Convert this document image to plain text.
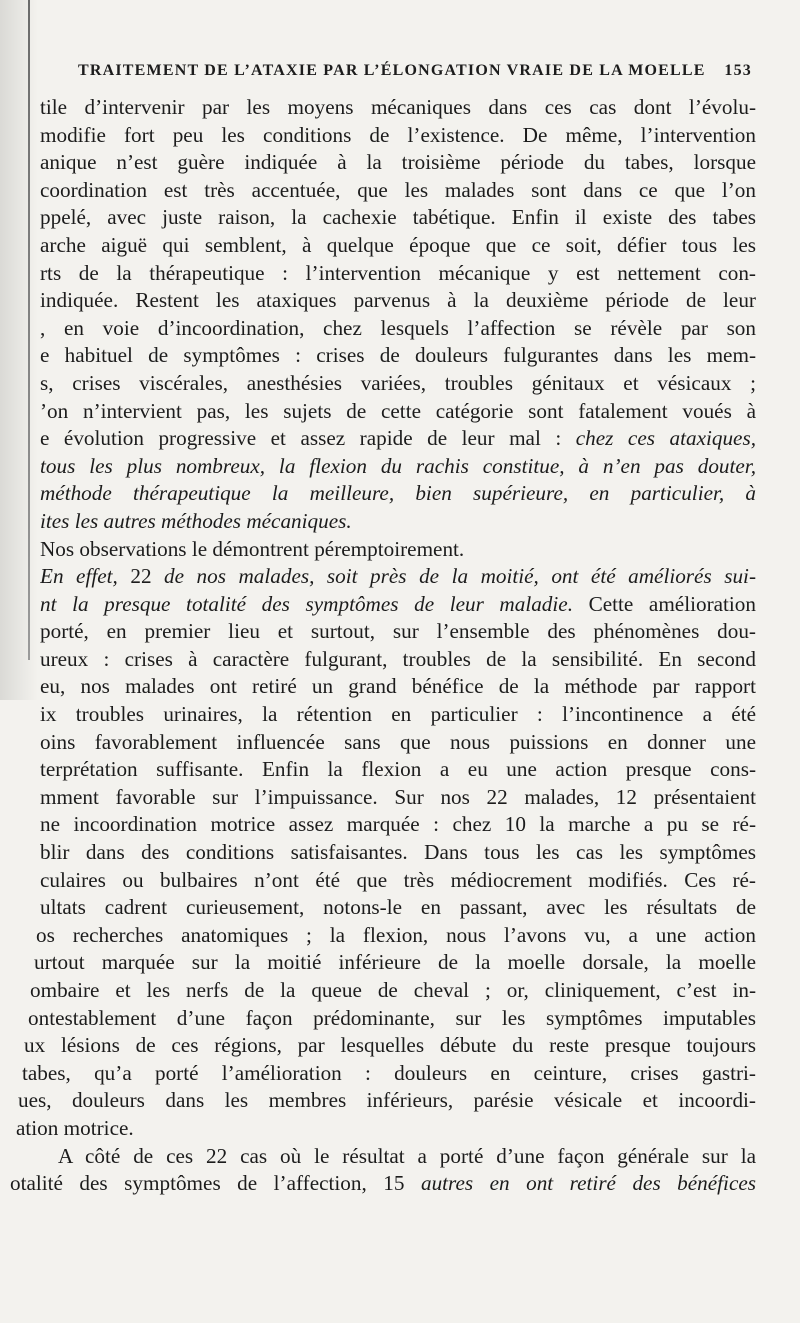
TRAITEMENT DE L’ATAXIE PAR L’ÉLONGATION VRAIE DE LA MOELLE 153
tile d’intervenir par les moyens mécaniques dans ces cas dont l’évolu-
modifie fort peu les conditions de l’existence. De même, l’intervention
anique n’est guère indiquée à la troisième période du tabes, lorsque
coordination est très accentuée, que les malades sont dans ce que l’on
ppelé, avec juste raison, la cachexie tabétique. Enfin il existe des tabes
arche aiguë qui semblent, à quelque époque que ce soit, défier tous les
rts de la thérapeutique : l’intervention mécanique y est nettement con-
indiquée. Restent les ataxiques parvenus à la deuxième période de leur
, en voie d’incoordination, chez lesquels l’affection se révèle par son
e habituel de symptômes : crises de douleurs fulgurantes dans les mem-
s, crises viscérales, anesthésies variées, troubles génitaux et vésicaux ;
’on n’intervient pas, les sujets de cette catégorie sont fatalement voués à
e évolution progressive et assez rapide de leur mal : chez ces ataxiques,
tous les plus nombreux, la flexion du rachis constitue, à n’en pas douter,
méthode thérapeutique la meilleure, bien supérieure, en particulier, à
ites les autres méthodes mécaniques.
Nos observations le démontrent péremptoirement.
En effet, 22 de nos malades, soit près de la moitié, ont été améliorés sui-
nt la presque totalité des symptômes de leur maladie. Cette amélioration
porté, en premier lieu et surtout, sur l’ensemble des phénomènes dou-
ureux : crises à caractère fulgurant, troubles de la sensibilité. En second
eu, nos malades ont retiré un grand bénéfice de la méthode par rapport
ix troubles urinaires, la rétention en particulier : l’incontinence a été
oins favorablement influencée sans que nous puissions en donner une
terprétation suffisante. Enfin la flexion a eu une action presque cons-
mment favorable sur l’impuissance. Sur nos 22 malades, 12 présentaient
ne incoordination motrice assez marquée : chez 10 la marche a pu se ré-
blir dans des conditions satisfaisantes. Dans tous les cas les symptômes
culaires ou bulbaires n’ont été que très médiocrement modifiés. Ces ré-
ultats cadrent curieusement, notons-le en passant, avec les résultats de
os recherches anatomiques ; la flexion, nous l’avons vu, a une action
urtout marquée sur la moitié inférieure de la moelle dorsale, la moelle
ombaire et les nerfs de la queue de cheval ; or, cliniquement, c’est in-
ontestablement d’une façon prédominante, sur les symptômes imputables
ux lésions de ces régions, par lesquelles débute du reste presque toujours
tabes, qu’a porté l’amélioration : douleurs en ceinture, crises gastri-
ues, douleurs dans les membres inférieurs, parésie vésicale et incoordi-
ation motrice.
A côté de ces 22 cas où le résultat a porté d’une façon générale sur la
otalité des symptômes de l’affection, 15 autres en ont retiré des bénéfices
